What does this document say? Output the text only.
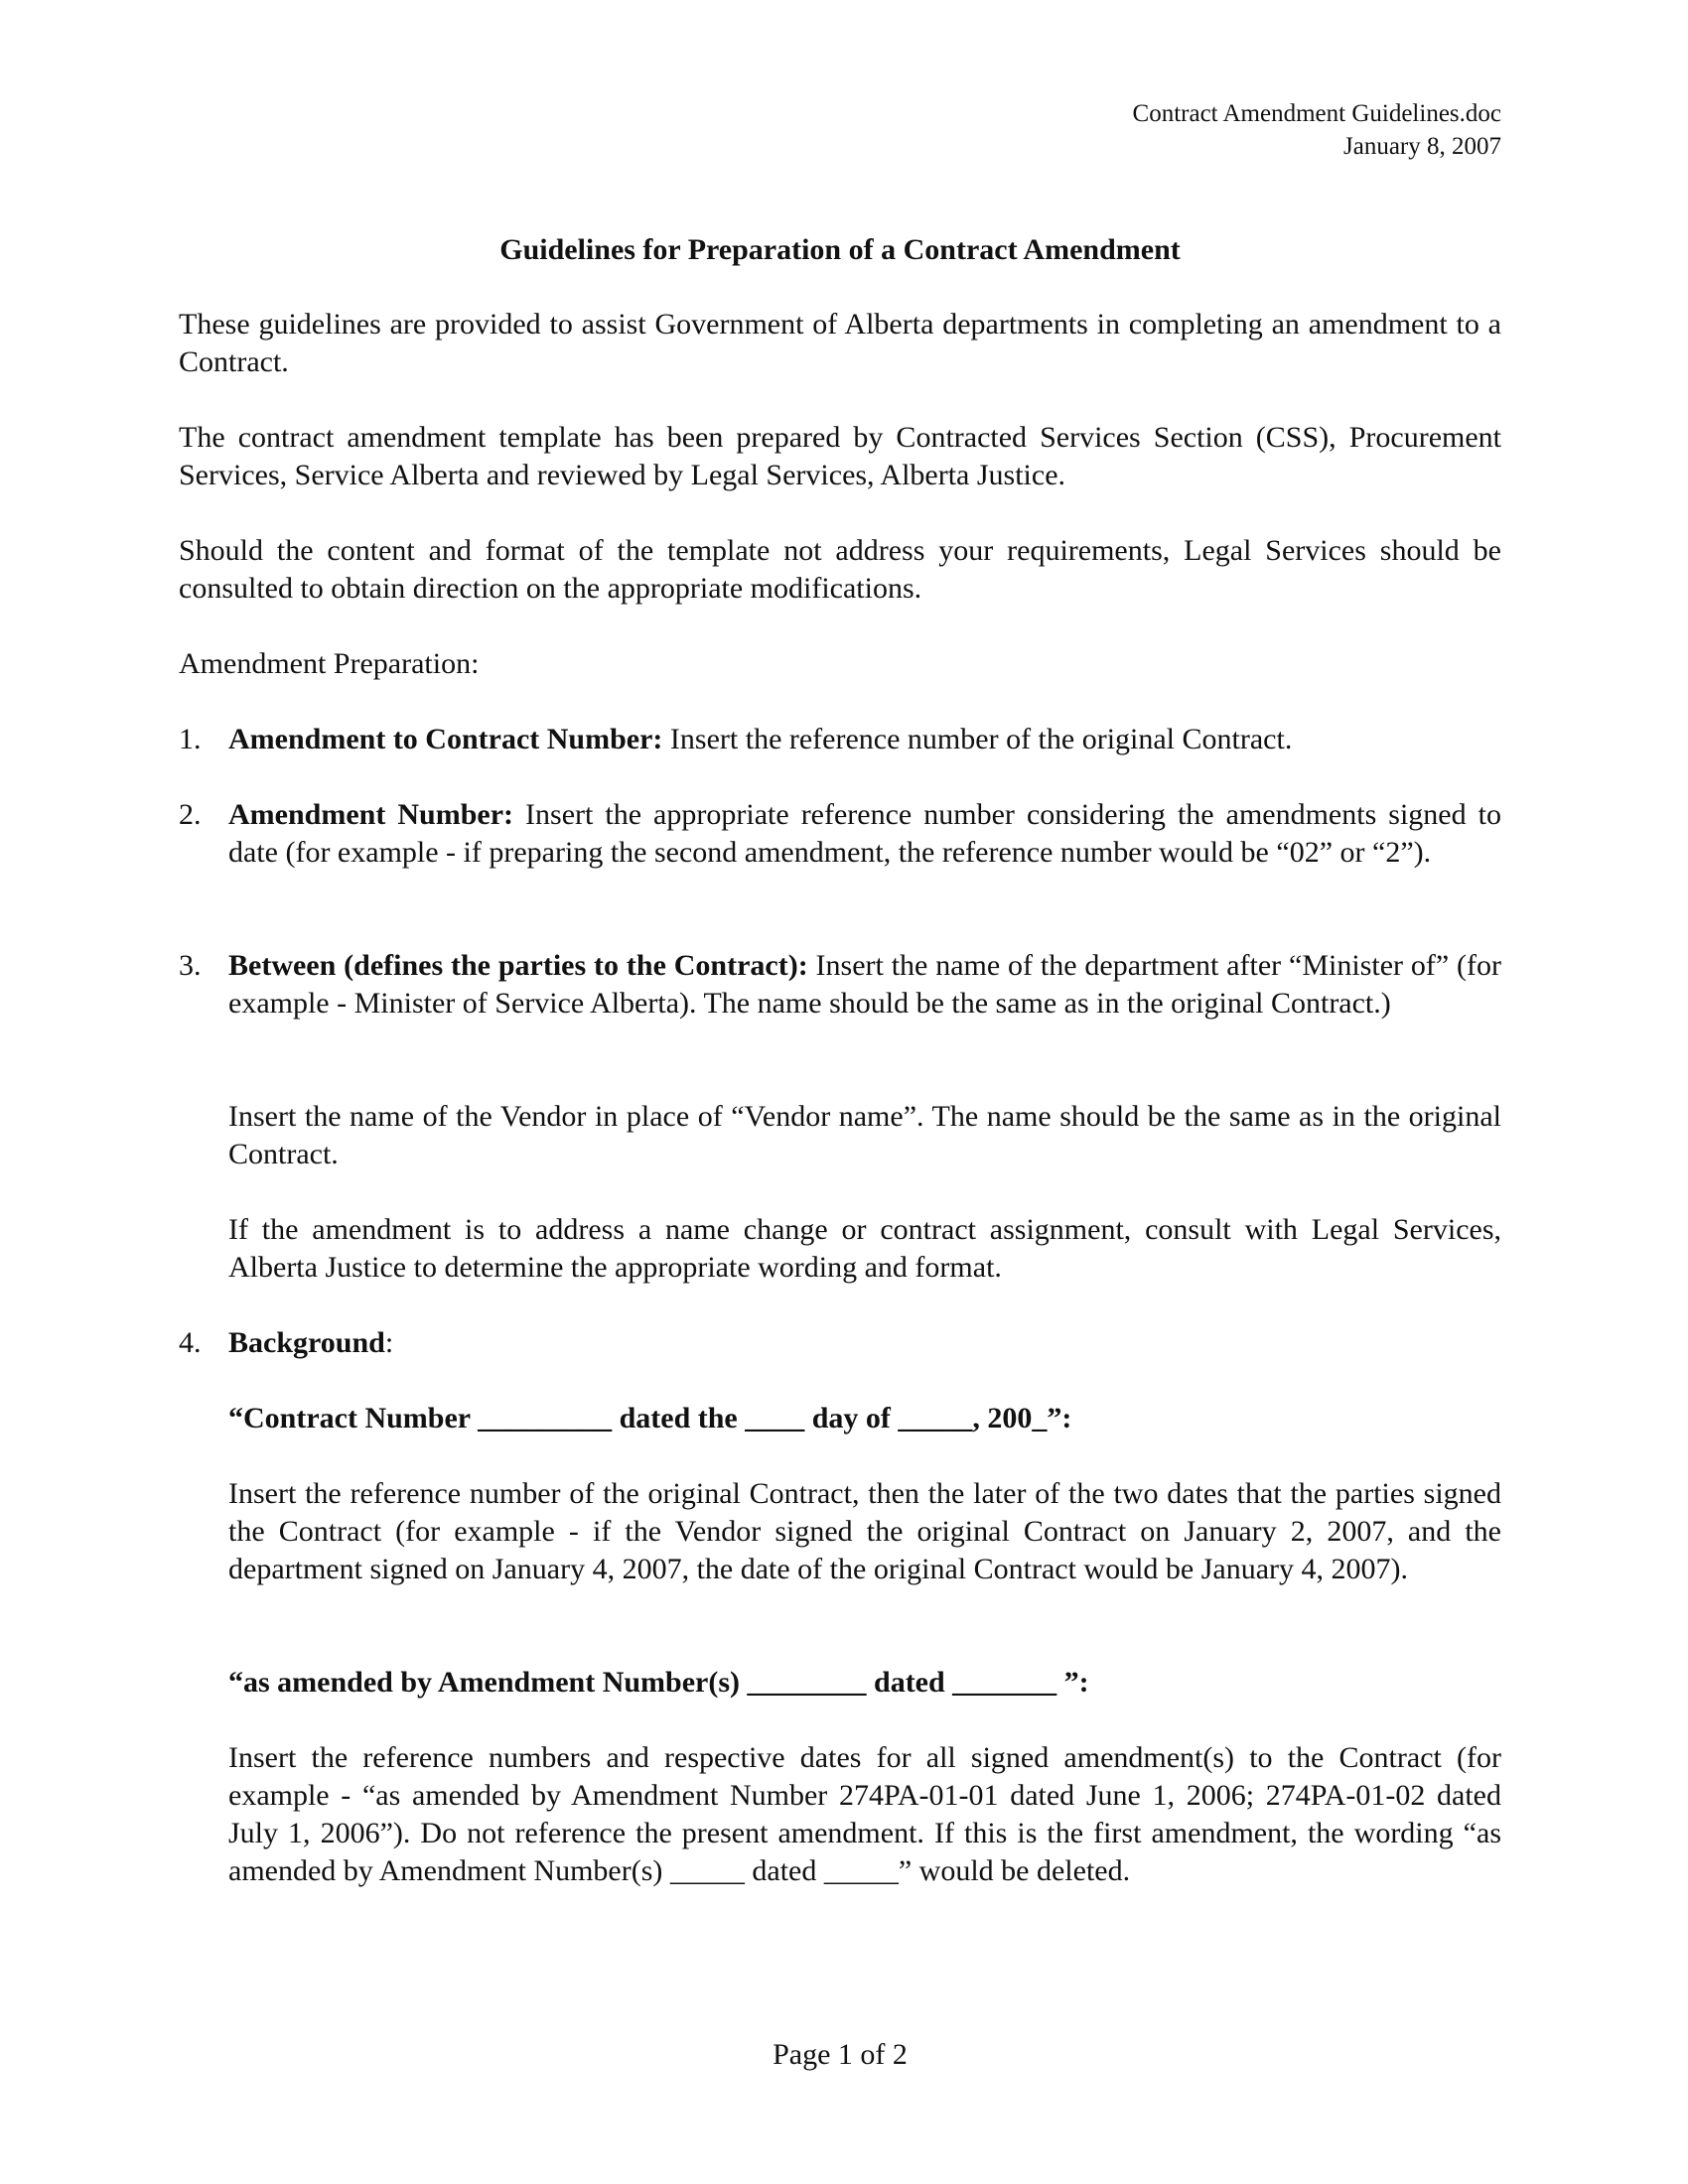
Contract Amendment Guidelines.doc
January 8, 2007
Guidelines for Preparation of a Contract Amendment

These guidelines are provided to assist Government of Alberta departments in completing an amendment to a Contract.

The contract amendment template has been prepared by Contracted Services Section (CSS), Procurement Services, Service Alberta and reviewed by Legal Services, Alberta Justice.

Should the content and format of the template not address your requirements, Legal Services should be consulted to obtain direction on the appropriate modifications.

Amendment Preparation:

1. Amendment to Contract Number: Insert the reference number of the original Contract.
2. Amendment Number: Insert the appropriate reference number considering the amendments signed to date (for example - if preparing the second amendment, the reference number would be “02” or “2”).
3. Between (defines the parties to the Contract): Insert the name of the department after “Minister of” (for example - Minister of Service Alberta). The name should be the same as in the original Contract.)

Insert the name of the Vendor in place of “Vendor name”. The name should be the same as in the original Contract.

If the amendment is to address a name change or contract assignment, consult with Legal Services, Alberta Justice to determine the appropriate wording and format.

4. Background:

“Contract Number _________ dated the ____ day of _____, 200_”:

Insert the reference number of the original Contract, then the later of the two dates that the parties signed the Contract (for example - if the Vendor signed the original Contract on January 2, 2007, and the department signed on January 4, 2007, the date of the original Contract would be January 4, 2007).

“as amended by Amendment Number(s) ________ dated _______ ”:

Insert the reference numbers and respective dates for all signed amendment(s) to the Contract (for example - “as amended by Amendment Number 274PA-01-01 dated June 1, 2006; 274PA-01-02 dated July 1, 2006”). Do not reference the present amendment. If this is the first amendment, the wording “as amended by Amendment Number(s) _____ dated _____” would be deleted.

Page 1 of 2
